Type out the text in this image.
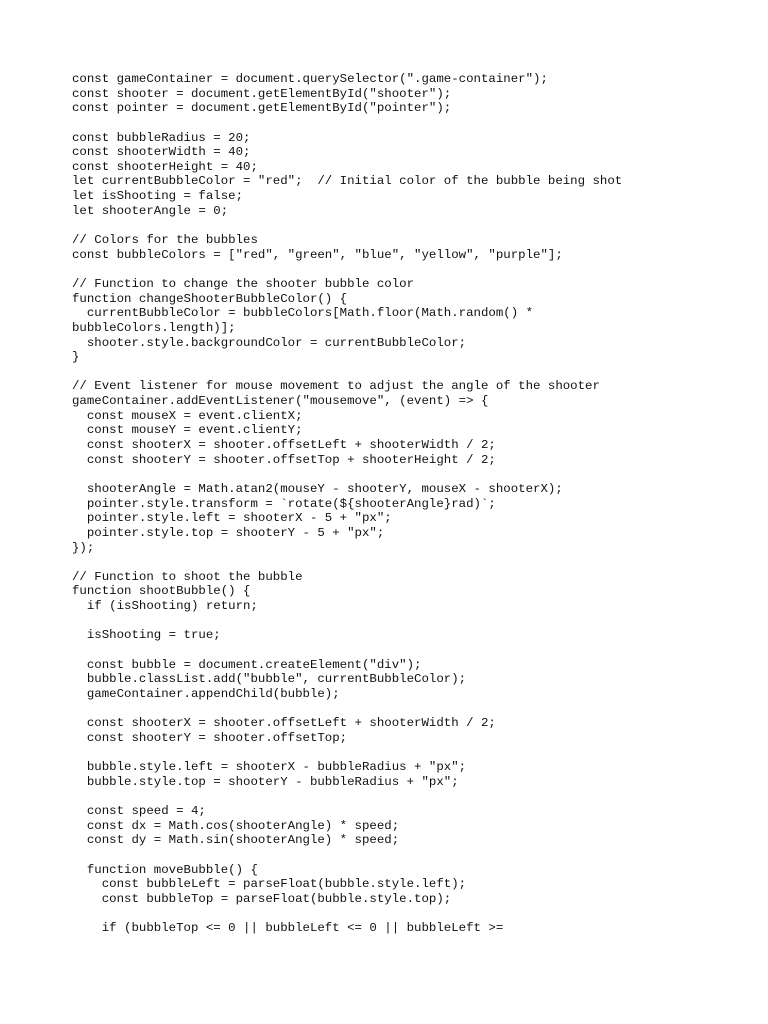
const gameContainer = document.querySelector(".game-container");
const shooter = document.getElementById("shooter");
const pointer = document.getElementById("pointer");
const bubbleRadius = 20;
const shooterWidth = 40;
const shooterHeight = 40;
let currentBubbleColor = "red";  // Initial color of the bubble being shot
let isShooting = false;
let shooterAngle = 0;
// Colors for the bubbles
const bubbleColors = ["red", "green", "blue", "yellow", "purple"];
// Function to change the shooter bubble color
function changeShooterBubbleColor() {
currentBubbleColor = bubbleColors[Math.floor(Math.random() *
bubbleColors.length)];
shooter.style.backgroundColor = currentBubbleColor;
}
// Event listener for mouse movement to adjust the angle of the shooter
gameContainer.addEventListener("mousemove", (event) => {
const mouseX = event.clientX;
const mouseY = event.clientY;
const shooterX = shooter.offsetLeft + shooterWidth / 2;
const shooterY = shooter.offsetTop + shooterHeight / 2;
shooterAngle = Math.atan2(mouseY - shooterY, mouseX - shooterX);
pointer.style.transform = `rotate(${shooterAngle}rad)`;
pointer.style.left = shooterX - 5 + "px";
pointer.style.top = shooterY - 5 + "px";
});
// Function to shoot the bubble
function shootBubble() {
if (isShooting) return;
isShooting = true;
const bubble = document.createElement("div");
bubble.classList.add("bubble", currentBubbleColor);
gameContainer.appendChild(bubble);
const shooterX = shooter.offsetLeft + shooterWidth / 2;
const shooterY = shooter.offsetTop;
bubble.style.left = shooterX - bubbleRadius + "px";
bubble.style.top = shooterY - bubbleRadius + "px";
const speed = 4;
const dx = Math.cos(shooterAngle) * speed;
const dy = Math.sin(shooterAngle) * speed;
function moveBubble() {
const bubbleLeft = parseFloat(bubble.style.left);
const bubbleTop = parseFloat(bubble.style.top);
if (bubbleTop <= 0 || bubbleLeft <= 0 || bubbleLeft >=
